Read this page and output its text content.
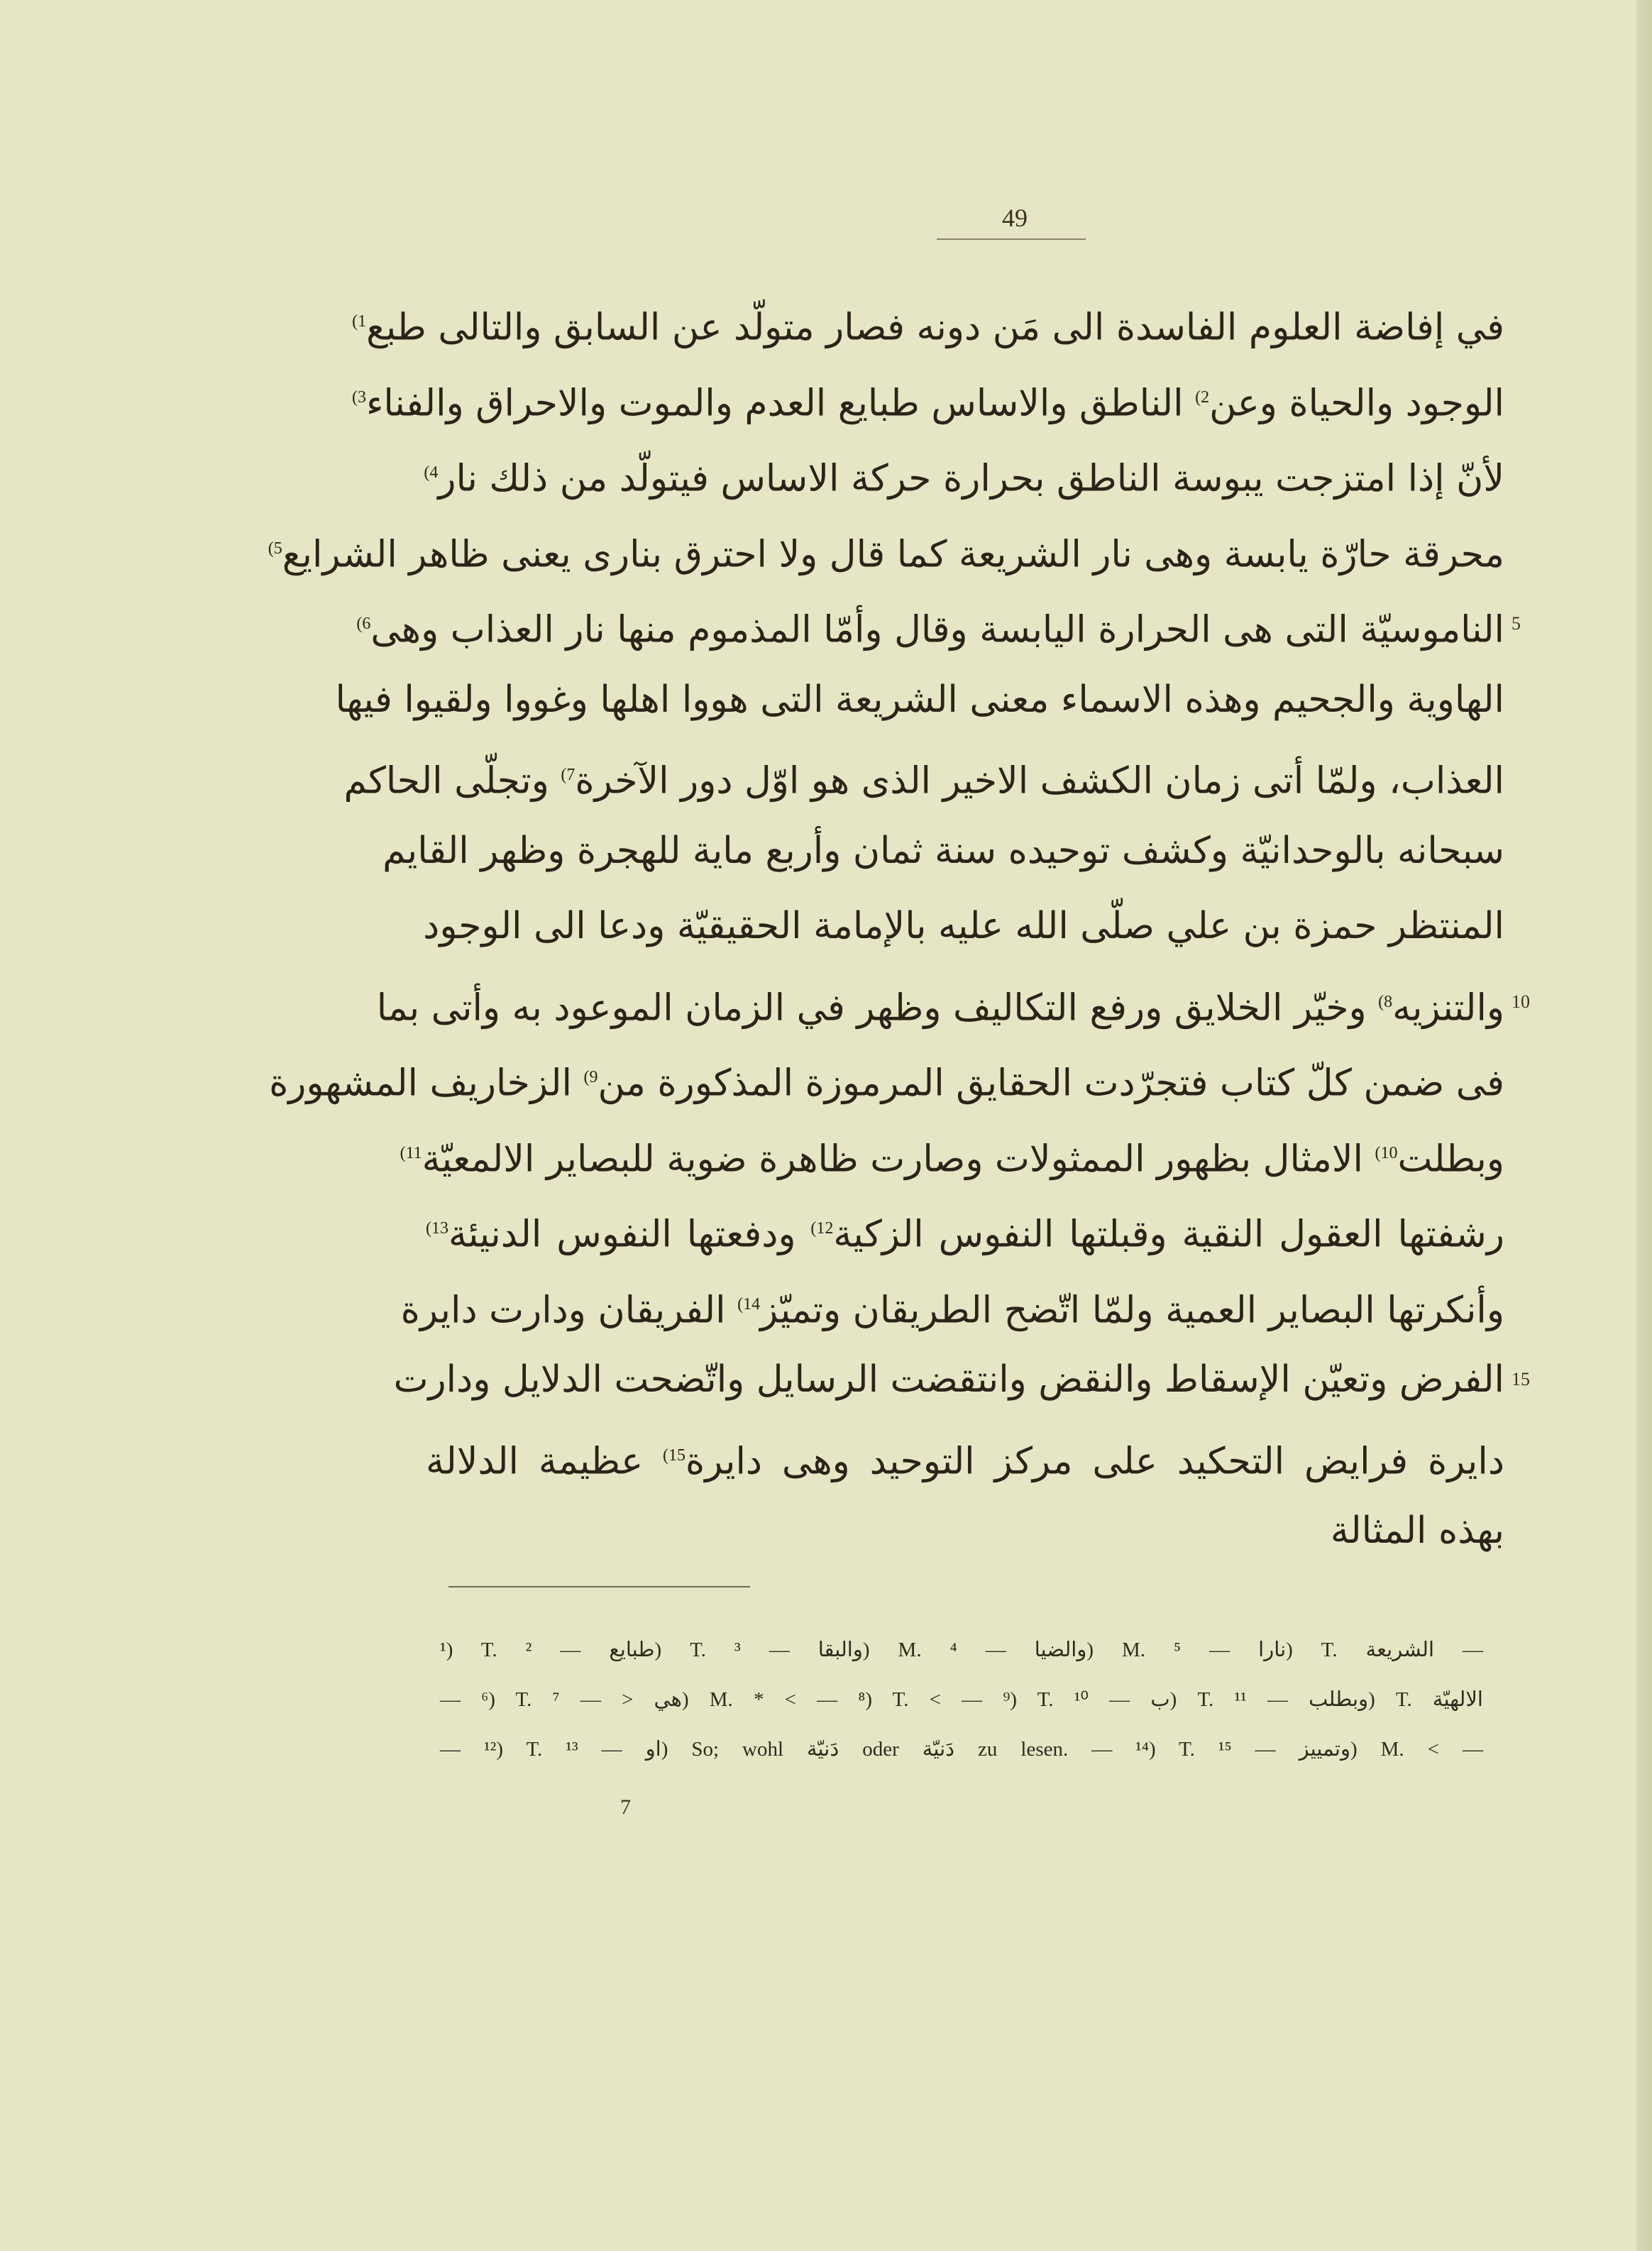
49
في إفاضة العلوم الفاسدة الى مَن دونه فصار متولّد عن السابق والتالى طبع$^{1)}$
الوجود والحياة وعن$^{2)}$ الناطق والاساس طبايع العدم والموت والاحراق والفناء$^{3)}$
لأنّ إذا امتزجت يبوسة الناطق بحرارة حركة الاساس فيتولّد من ذلك نار$^{4)}$
محرقة حارّة يابسة وهى نار الشريعة كما قال ولا احترق بنارى يعنى ظاهر الشرايع$^{5)}$
5
الناموسيّة التى هى الحرارة اليابسة وقال وأمّا المذموم منها نار العذاب وهى$^{6)}$
الهاوية والجحيم وهذه الاسماء معنى الشريعة التى هووا اهلها وغووا ولقيوا فيها
العذاب، ولمّا أتى زمان الكشف الاخير الذى هو اوّل دور الآخرة$^{7)}$ وتجلّى الحاكم
سبحانه بالوحدانيّة وكشف توحيده سنة ثمان وأربع ماية للهجرة وظهر القايم
المنتظر حمزة بن علي صلّى الله عليه بالإمامة الحقيقيّة ودعا الى الوجود
10
والتنزيه$^{8)}$ وخيّر الخلايق ورفع التكاليف وظهر في الزمان الموعود به وأتى بما
فى ضمن كلّ كتاب فتجرّدت الحقايق المرموزة المذكورة من$^{9)}$ الزخاريف المشهورة
وبطلت$^{10)}$ الامثال بظهور الممثولات وصارت ظاهرة ضوية للبصاير الالمعيّة$^{11)}$
رشفتها العقول النقية وقبلتها النفوس الزكية$^{12)}$ ودفعتها النفوس الدنيئة$^{13)}$
وأنكرتها البصاير العمية ولمّا اتّضح الطريقان وتميّز$^{14)}$ الفريقان ودارت دايرة
15
الفرض وتعيّن الإسقاط والنقض وانتقضت الرسايل واتّضحت الدلايل ودارت
دايرة فرايض التحكيد على مركز التوحيد وهى دايرة$^{15)}$ عظيمة الدلالة
بهذه المثالة
¹) T. طبايع — ²) T. والبقا — ³) M. والضيا — ⁴) M. نارا — ⁵) T. الشريعة —
— ⁶) T. هي < — ⁷) M. * < — ⁸) T. < — ⁹) T. ب — ¹⁰) T. وبطلب — ¹¹) T. الالهيّة
— ¹²) T. او — ¹³) So; wohl دَنيّة oder دَنيّة zu lesen. — ¹⁴) T. وتمييز — ¹⁵) M. < —
7
